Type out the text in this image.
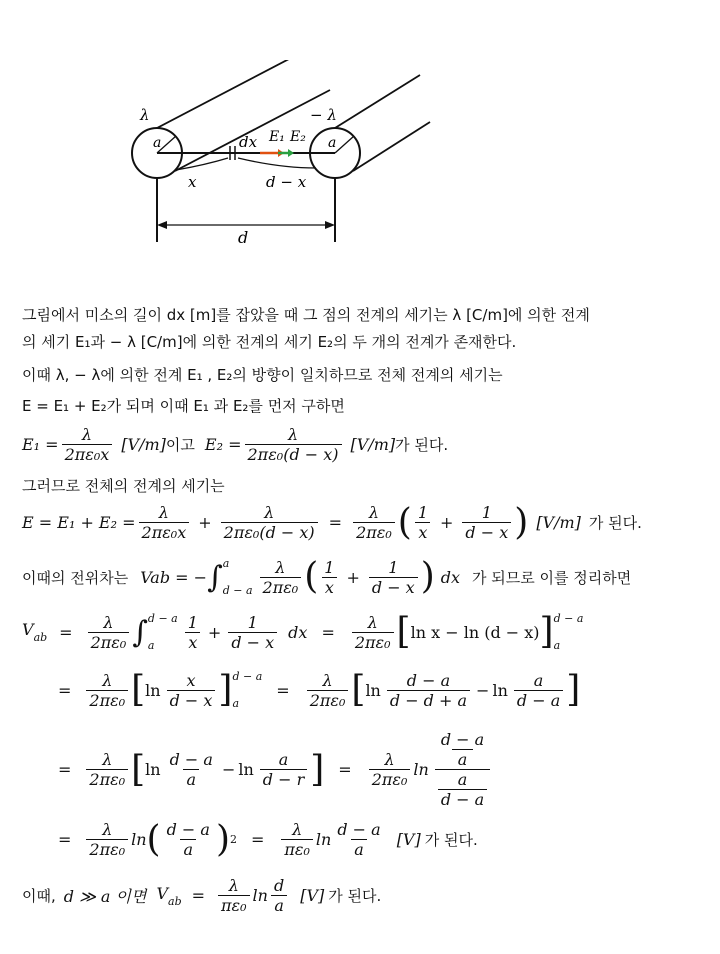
λ	− λ
a	a
dx E₁ E₂
x	d − x
d
그림에서 미소의 길이 dx [m]를 잡았을 때 그 점의 전계의 세기는 λ [C/m]에 의한 전계
의 세기 E₁과 − λ [C/m]에 의한 전계의 세기 E₂의 두 개의 전계가 존재한다.
이때 λ, − λ에 의한 전계 E₁ , E₂의 방향이 일치하므로 전체 전계의 세기는
E = E₁ + E₂가 되며 이때 E₁ 과 E₂를 먼저 구하면
$E_1 = \frac{\lambda}{\text{2πε₀x}} [V/m]$ 이고 $E_2 = \frac{\lambda}{\text{2πε₀(d − x)}} [V/m]$ 가 된다.
그러므로 전체의 전계의 세기는
$E = E_1 + E_2 = \frac{\lambda}{\text{2πε₀x}} + \frac{\lambda}{\text{2πε₀(d − x)}} = \frac{\lambda}{\text{2πε₀}}$ ( $\frac{1}{x} + \frac{1}{d - x}$ ) [V/m] 가 된다.
이때의 전위차는 Vab = − ∫ a
d − a $\frac{\lambda}{\text{2πε₀}}$ ( $\frac{1}{x} + \frac{1}{d - x}$ ) dx 가 되므로 이를 정리하면
$V_{ab} = \frac{\lambda}{\text{2πε₀}}$ ∫ d − a
a	$\frac{1}{x} + \frac{1}{d - x}$ dx = $\frac{\lambda}{\text{2πε₀}}$ [ ln x − ln (d − x) ] d − a
a
= $\frac{\lambda}{\text{2πε₀}}$ [ $\ln \frac{x}{d - x}$ ] d − a
a
= $\frac{\lambda}{\text{2πε₀}}$ [ $\ln \frac{d - a}{d - d + a} - \ln \frac{a}{d - a}$ ]
= $\frac{\lambda}{\text{2πε₀}}$ [ $\ln \frac{d - a}{a} - \ln \frac{a}{d - r}$ ] = $\frac{\lambda}{\text{2πε₀}}$ $\ln \frac{\frac{d - a}{a}}{\frac{a}{d - a}}$
= $\frac{\lambda}{\text{2πε₀}}$ ln ( $\frac{d - a}{a}$ ) $2 = \frac{\lambda}{\text{πε₀}}$ $\ln \frac{d - a}{a} [V]$ 가 된다.
이때, d ≫ a 이면 $V_{ab} = \frac{\lambda}{\text{πε₀}}$ $\ln \frac{d}{a} [V]$ 가 된다.
